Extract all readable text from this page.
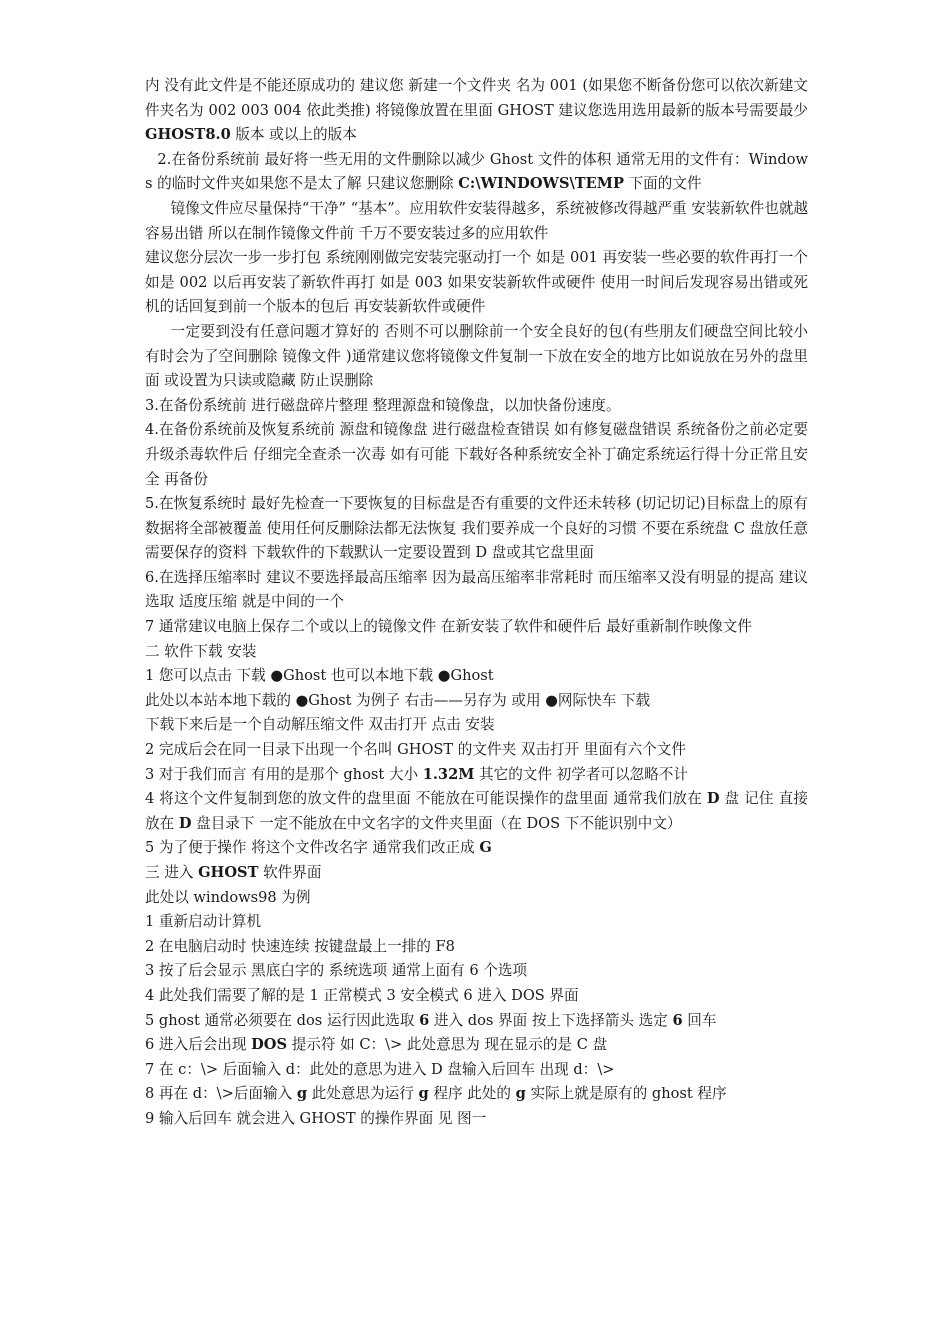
内 没有此文件是不能还原成功的 建议您 新建一个文件夹 名为 001 (如果您不断备份您可以依次新建文件夹名为 002 003 004 依此类推) 将镜像放置在里面 GHOST 建议您选用选用最新的版本号需要最少 GHOST8.0 版本 或以上的版本

2.在备份系统前 最好将一些无用的文件删除以减少 Ghost 文件的体积 通常无用的文件有：Windows 的临时文件夹如果您不是太了解 只建议您删除 C:\WINDOWS\TEMP 下面的文件

镜像文件应尽量保持“干净” “基本”。应用软件安装得越多，系统被修改得越严重 安装新软件也就越容易出错 所以在制作镜像文件前 千万不要安装过多的应用软件

建议您分层次一步一步打包 系统刚刚做完安装完驱动打一个 如是 001 再安装一些必要的软件再打一个 如是 002 以后再安装了新软件再打 如是 003 如果安装新软件或硬件 使用一时间后发现容易出错或死机的话回复到前一个版本的包后 再安装新软件或硬件

一定要到没有任意问题才算好的 否则不可以删除前一个安全良好的包(有些朋友们硬盘空间比较小有时会为了空间删除 镜像文件 )通常建议您将镜像文件复制一下放在安全的地方比如说放在另外的盘里面 或设置为只读或隐藏 防止误删除

3.在备份系统前 进行磁盘碎片整理 整理源盘和镜像盘，以加快备份速度。

4.在备份系统前及恢复系统前 源盘和镜像盘 进行磁盘检查错误 如有修复磁盘错误 系统备份之前必定要升级杀毒软件后 仔细完全查杀一次毒 如有可能 下载好各种系统安全补丁确定系统运行得十分正常且安全 再备份

5.在恢复系统时 最好先检查一下要恢复的目标盘是否有重要的文件还未转移 (切记切记)目标盘上的原有数据将全部被覆盖 使用任何反删除法都无法恢复 我们要养成一个良好的习惯 不要在系统盘 C 盘放任意需要保存的资料 下载软件的下载默认一定要设置到 D 盘或其它盘里面

6.在选择压缩率时 建议不要选择最高压缩率 因为最高压缩率非常耗时 而压缩率又没有明显的提高 建议选取 适度压缩 就是中间的一个

7 通常建议电脑上保存二个或以上的镜像文件 在新安装了软件和硬件后 最好重新制作映像文件

二 软件下载 安装

1 您可以点击 下载 ●Ghost 也可以本地下载 ●Ghost

此处以本站本地下载的 ●Ghost 为例子 右击——另存为 或用 ●网际快车 下载

下载下来后是一个自动解压缩文件 双击打开 点击 安装

2 完成后会在同一目录下出现一个名叫 GHOST 的文件夹 双击打开 里面有六个文件

3 对于我们而言 有用的是那个 ghost 大小 1.32M 其它的文件 初学者可以忽略不计

4 将这个文件复制到您的放文件的盘里面 不能放在可能误操作的盘里面 通常我们放在 D 盘 记住 直接放在 D 盘目录下 一定不能放在中文名字的文件夹里面（在 DOS 下不能识别中文）

5 为了便于操作 将这个文件改名字 通常我们改正成 G

三 进入 GHOST 软件界面

此处以 windows98 为例

1 重新启动计算机

2 在电脑启动时 快速连续 按键盘最上一排的 F8

3 按了后会显示 黑底白字的 系统选项 通常上面有 6 个选项

4 此处我们需要了解的是 1 正常模式 3 安全模式 6 进入 DOS 界面

5 ghost 通常必须要在 dos 运行因此选取 6 进入 dos 界面 按上下选择箭头 选定 6 回车

6 进入后会出现 DOS 提示符 如 C：\> 此处意思为 现在显示的是 C 盘

7 在 c：\> 后面输入 d：此处的意思为进入 D 盘输入后回车 出现 d：\>

8 再在 d：\>后面输入 g 此处意思为运行 g 程序 此处的 g 实际上就是原有的 ghost 程序

9 输入后回车 就会进入 GHOST 的操作界面 见 图一
